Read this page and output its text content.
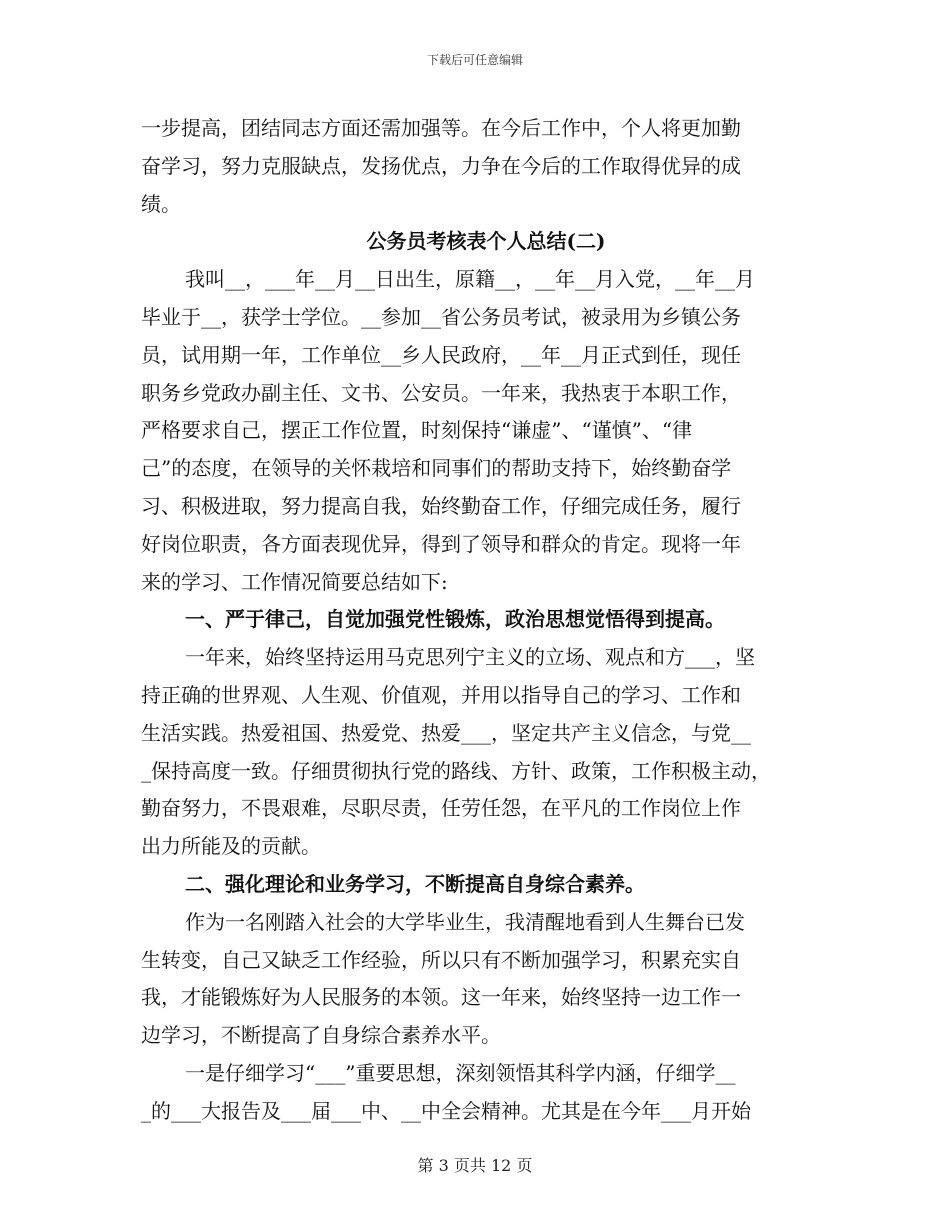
下载后可任意编辑
一步提高，团结同志方面还需加强等。在今后工作中，个人将更加勤
奋学习，努力克服缺点，发扬优点，力争在今后的工作取得优异的成
绩。
公务员考核表个人总结(二)
我叫__，___年__月__日出生，原籍__，__年__月入党，__年__月
毕业于__，获学士学位。__参加__省公务员考试，被录用为乡镇公务
员，试用期一年，工作单位__乡人民政府，__年__月正式到任，现任
职务乡党政办副主任、文书、公安员。一年来，我热衷于本职工作，
严格要求自己，摆正工作位置，时刻保持“谦虚”、“谨慎”、“律
己”的态度，在领导的关怀栽培和同事们的帮助支持下，始终勤奋学
习、积极进取，努力提高自我，始终勤奋工作，仔细完成任务，履行
好岗位职责，各方面表现优异，得到了领导和群众的肯定。现将一年
来的学习、工作情况简要总结如下:
一、严于律己，自觉加强党性锻炼，政治思想觉悟得到提高。
一年来，始终坚持运用马克思列宁主义的立场、观点和方___，坚
持正确的世界观、人生观、价值观，并用以指导自己的学习、工作和
生活实践。热爱祖国、热爱党、热爱___，坚定共产主义信念，与党__
_保持高度一致。仔细贯彻执行党的路线、方针、政策，工作积极主动，
勤奋努力，不畏艰难，尽职尽责，任劳任怨，在平凡的工作岗位上作
出力所能及的贡献。
二、强化理论和业务学习，不断提高自身综合素养。
作为一名刚踏入社会的大学毕业生，我清醒地看到人生舞台已发
生转变，自己又缺乏工作经验，所以只有不断加强学习，积累充实自
我，才能锻炼好为人民服务的本领。这一年来，始终坚持一边工作一
边学习，不断提高了自身综合素养水平。
一是仔细学习“___”重要思想，深刻领悟其科学内涵，仔细学__
_的___大报告及___届___中、__中全会精神。尤其是在今年___月开始
第 3 页共 12 页
